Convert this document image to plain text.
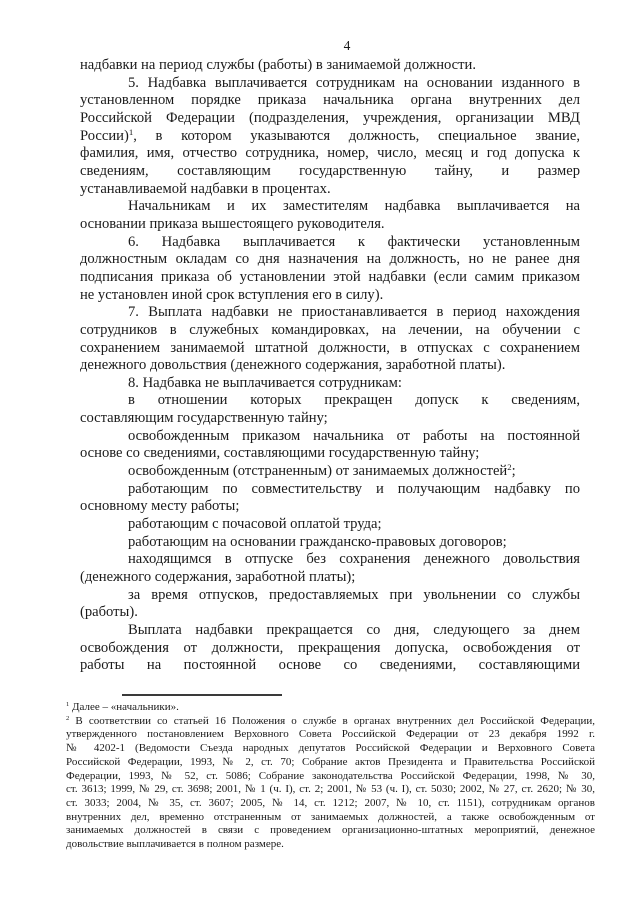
4
надбавки на период службы (работы) в занимаемой должности.
5. Надбавка выплачивается сотрудникам на основании изданного в
установленном порядке приказа начальника органа внутренних дел
Российской Федерации (подразделения, учреждения, организации МВД
России)$^1$, в котором указываются должность, специальное звание,
фамилия, имя, отчество сотрудника, номер, число, месяц и год допуска к
сведениям, составляющим государственную тайну, и размер
устанавливаемой надбавки в процентах.
Начальникам и их заместителям надбавка выплачивается на
основании приказа вышестоящего руководителя.
6. Надбавка выплачивается к фактически установленным
должностным окладам со дня назначения на должность, но не ранее дня
подписания приказа об установлении этой надбавки (если самим приказом
не установлен иной срок вступления его в силу).
7. Выплата надбавки не приостанавливается в период нахождения
сотрудников в служебных командировках, на лечении, на обучении с
сохранением занимаемой штатной должности, в отпусках с сохранением
денежного довольствия (денежного содержания, заработной платы).
8. Надбавка не выплачивается сотрудникам:
в отношении которых прекращен допуск к сведениям,
составляющим государственную тайну;
освобожденным приказом начальника от работы на постоянной
основе со сведениями, составляющими государственную тайну;
освобожденным (отстраненным) от занимаемых должностей$^2$;
работающим по совместительству и получающим надбавку по
основному месту работы;
работающим с почасовой оплатой труда;
работающим на основании гражданско-правовых договоров;
находящимся в отпуске без сохранения денежного довольствия
(денежного содержания, заработной платы);
за время отпусков, предоставляемых при увольнении со службы
(работы).
Выплата надбавки прекращается со дня, следующего за днем
освобождения от должности, прекращения допуска, освобождения от
работы на постоянной основе со сведениями, составляющими
$^1$ Далее – «начальники».
$^2$ В соответствии со статьей 16 Положения о службе в органах внутренних дел Российской Федерации,
утвержденного постановлением Верховного Совета Российской Федерации от 23 декабря 1992 г.
№ 4202-1 (Ведомости Съезда народных депутатов Российской Федерации и Верховного Совета
Российской Федерации, 1993, № 2, ст. 70; Собрание актов Президента и Правительства Российской
Федерации, 1993, № 52, ст. 5086; Собрание законодательства Российской Федерации, 1998, № 30,
ст. 3613; 1999, № 29, ст. 3698; 2001, № 1 (ч. I), ст. 2; 2001, № 53 (ч. I), ст. 5030; 2002, № 27, ст. 2620; № 30,
ст. 3033; 2004, № 35, ст. 3607; 2005, № 14, ст. 1212; 2007, № 10, ст. 1151), сотрудникам органов
внутренних дел, временно отстраненным от занимаемых должностей, а также освобожденным от
занимаемых должностей в связи с проведением организационно-штатных мероприятий, денежное
довольствие выплачивается в полном размере.
